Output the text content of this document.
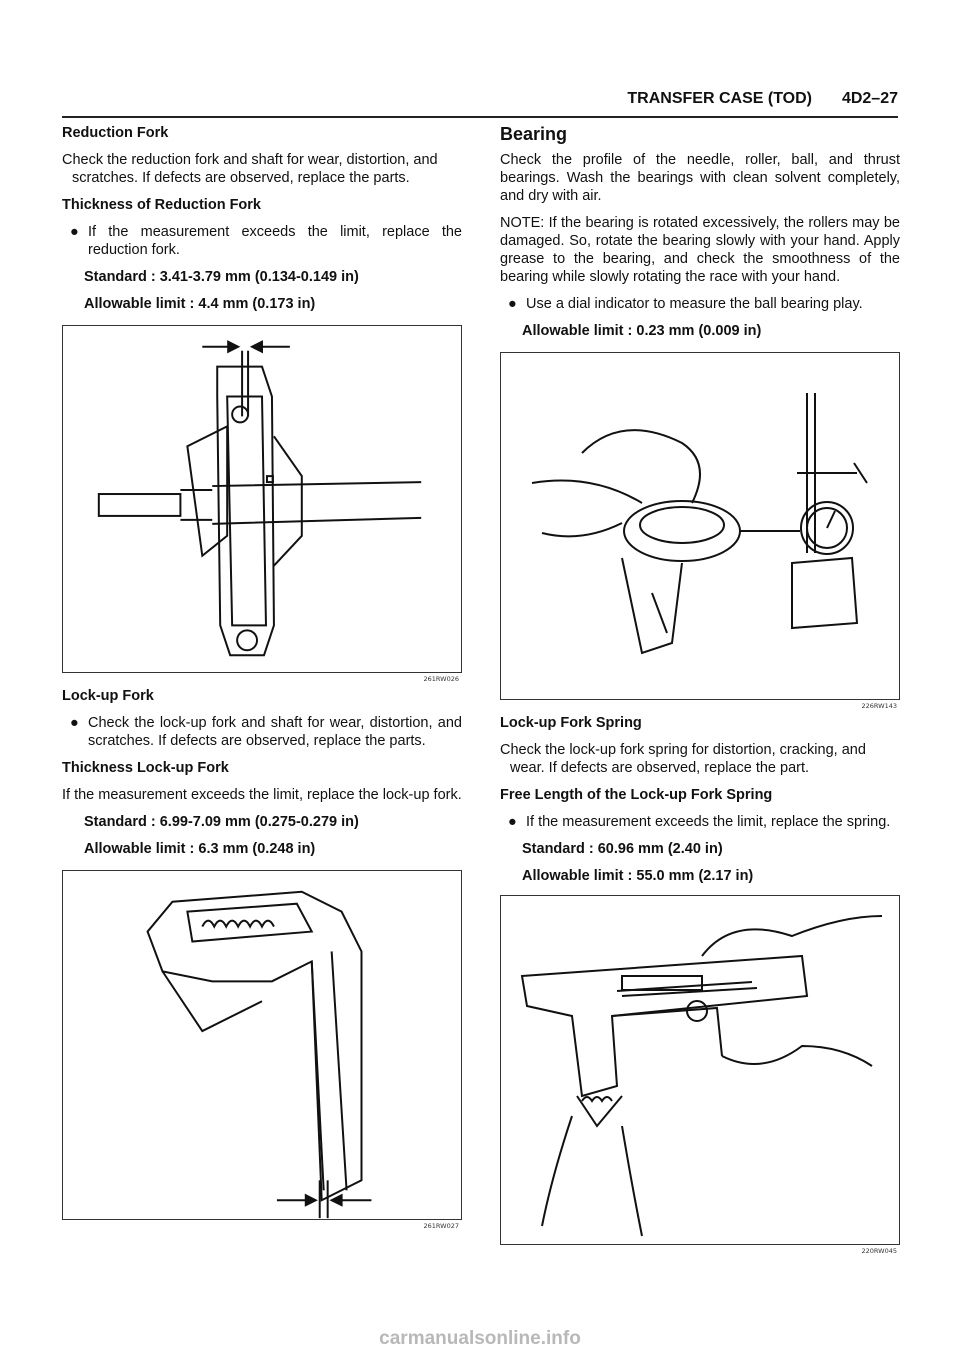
TRANSFER CASE (TOD) 4D2–27

Reduction Fork

Check the reduction fork and shaft for wear, distortion, and scratches. If defects are observed, replace the parts.

Thickness of Reduction Fork

● If the measurement exceeds the limit, replace the reduction fork.

Standard : 3.41-3.79 mm (0.134-0.149 in)

Allowable limit : 4.4 mm (0.173 in)

261RW026

Lock-up Fork

● Check the lock-up fork and shaft for wear, distortion, and scratches. If defects are observed, replace the parts.

Thickness Lock-up Fork

If the measurement exceeds the limit, replace the lock-up fork.

Standard : 6.99-7.09 mm (0.275-0.279 in)

Allowable limit : 6.3 mm (0.248 in)

261RW027
Bearing

Check the profile of the needle, roller, ball, and thrust bearings. Wash the bearings with clean solvent completely, and dry with air.

NOTE: If the bearing is rotated excessively, the rollers may be damaged. So, rotate the bearing slowly with your hand. Apply grease to the bearing, and check the smoothness of the bearing while slowly rotating the race with your hand.

● Use a dial indicator to measure the ball bearing play.

Allowable limit : 0.23 mm (0.009 in)

226RW143

Lock-up Fork Spring

Check the lock-up fork spring for distortion, cracking, and wear. If defects are observed, replace the part.

Free Length of the Lock-up Fork Spring

● If the measurement exceeds the limit, replace the spring.

Standard : 60.96 mm (2.40 in)

Allowable limit : 55.0 mm (2.17 in)

220RW045
carmanualsonline.info
